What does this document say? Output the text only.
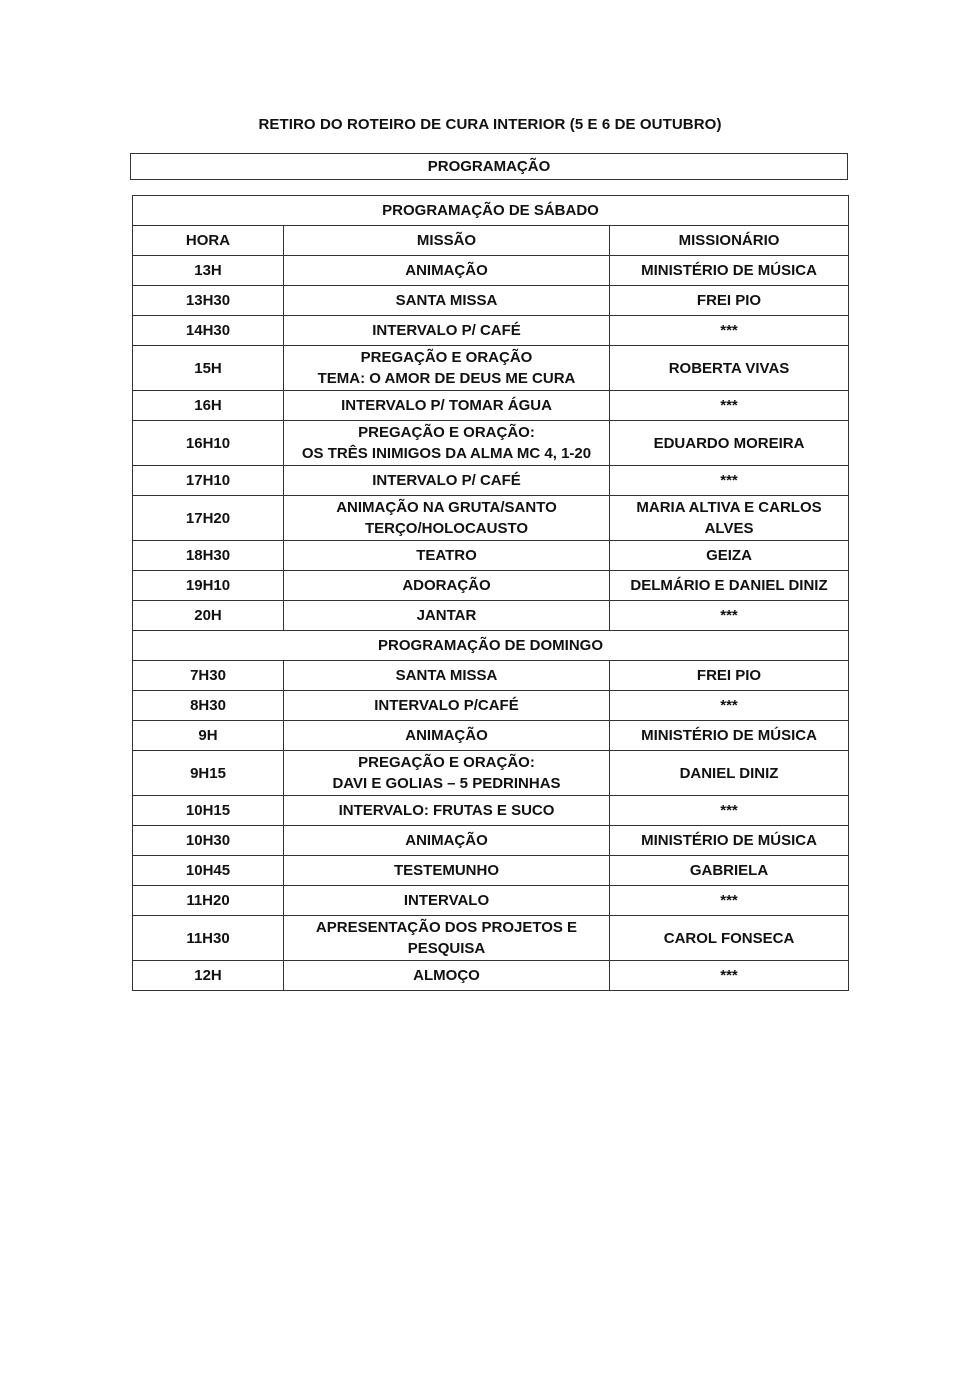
RETIRO DO ROTEIRO DE CURA INTERIOR (5 E 6 DE OUTUBRO)
PROGRAMAÇÃO
PROGRAMAÇÃO DE SÁBADO		
HORA	MISSÃO	MISSIONÁRIO
13H	ANIMAÇÃO	MINISTÉRIO DE MÚSICA

13H30	SANTA MISSA	FREI PIO

14H30	INTERVALO P/ CAFÉ	***

15H	PREGAÇÃO E ORAÇÃO
TEMA: O AMOR DE DEUS ME CURA	ROBERTA VIVAS

16H	INTERVALO P/ TOMAR ÁGUA	***

16H10	PREGAÇÃO E ORAÇÃO:
OS TRÊS INIMIGOS DA ALMA MC 4, 1-20	EDUARDO MOREIRA

17H10	INTERVALO P/ CAFÉ	***

17H20	ANIMAÇÃO NA GRUTA/SANTO
TERÇO/HOLOCAUSTO	MARIA ALTIVA E CARLOS
ALVES

18H30	TEATRO	GEIZA

19H10	ADORAÇÃO	DELMÁRIO E DANIEL DINIZ

20H	JANTAR	***

PROGRAMAÇÃO DE DOMINGO		
7H30	SANTA MISSA	FREI PIO

8H30	INTERVALO P/CAFÉ	***

9H	ANIMAÇÃO	MINISTÉRIO DE MÚSICA

9H15	PREGAÇÃO E ORAÇÃO:
DAVI E GOLIAS – 5 PEDRINHAS	DANIEL DINIZ

10H15	INTERVALO: FRUTAS E SUCO	***

10H30	ANIMAÇÃO	MINISTÉRIO DE MÚSICA

10H45	TESTEMUNHO	GABRIELA

11H20	INTERVALO	***

11H30	APRESENTAÇÃO DOS PROJETOS E
PESQUISA	CAROL FONSECA

12H	ALMOÇO	***
